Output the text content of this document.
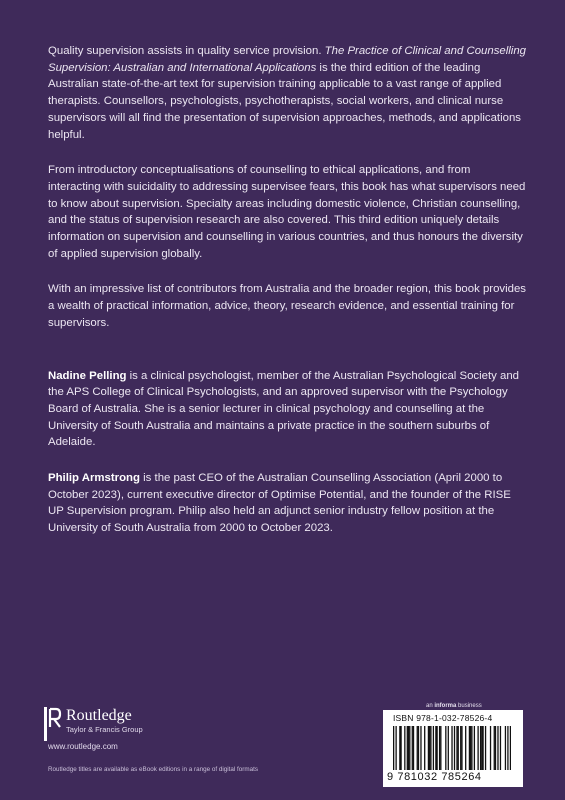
Quality supervision assists in quality service provision. The Practice of Clinical and Counselling Supervision: Australian and International Applications is the third edition of the leading Australian state-of-the-art text for supervision training applicable to a vast range of applied therapists. Counsellors, psychologists, psychotherapists, social workers, and clinical nurse supervisors will all find the presentation of supervision approaches, methods, and applications helpful.

From introductory conceptualisations of counselling to ethical applications, and from interacting with suicidality to addressing supervisee fears, this book has what supervisors need to know about supervision. Specialty areas including domestic violence, Christian counselling, and the status of supervision research are also covered. This third edition uniquely details information on supervision and counselling in various countries, and thus honours the diversity of applied supervision globally.

With an impressive list of contributors from Australia and the broader region, this book provides a wealth of practical information, advice, theory, research evidence, and essential training for supervisors.

Nadine Pelling is a clinical psychologist, member of the Australian Psychological Society and the APS College of Clinical Psychologists, and an approved supervisor with the Psychology Board of Australia. She is a senior lecturer in clinical psychology and counselling at the University of South Australia and maintains a private practice in the southern suburbs of Adelaide.

Philip Armstrong is the past CEO of the Australian Counselling Association (April 2000 to October 2023), current executive director of Optimise Potential, and the founder of the RISE UP Supervision program. Philip also held an adjunct senior industry fellow position at the University of South Australia from 2000 to October 2023.

Routledge
Taylor & Francis Group
www.routledge.com
Routledge titles are available as eBook editions in a range of digital formats
an informa business
ISBN 978-1-032-78526-4
9 781032 785264
